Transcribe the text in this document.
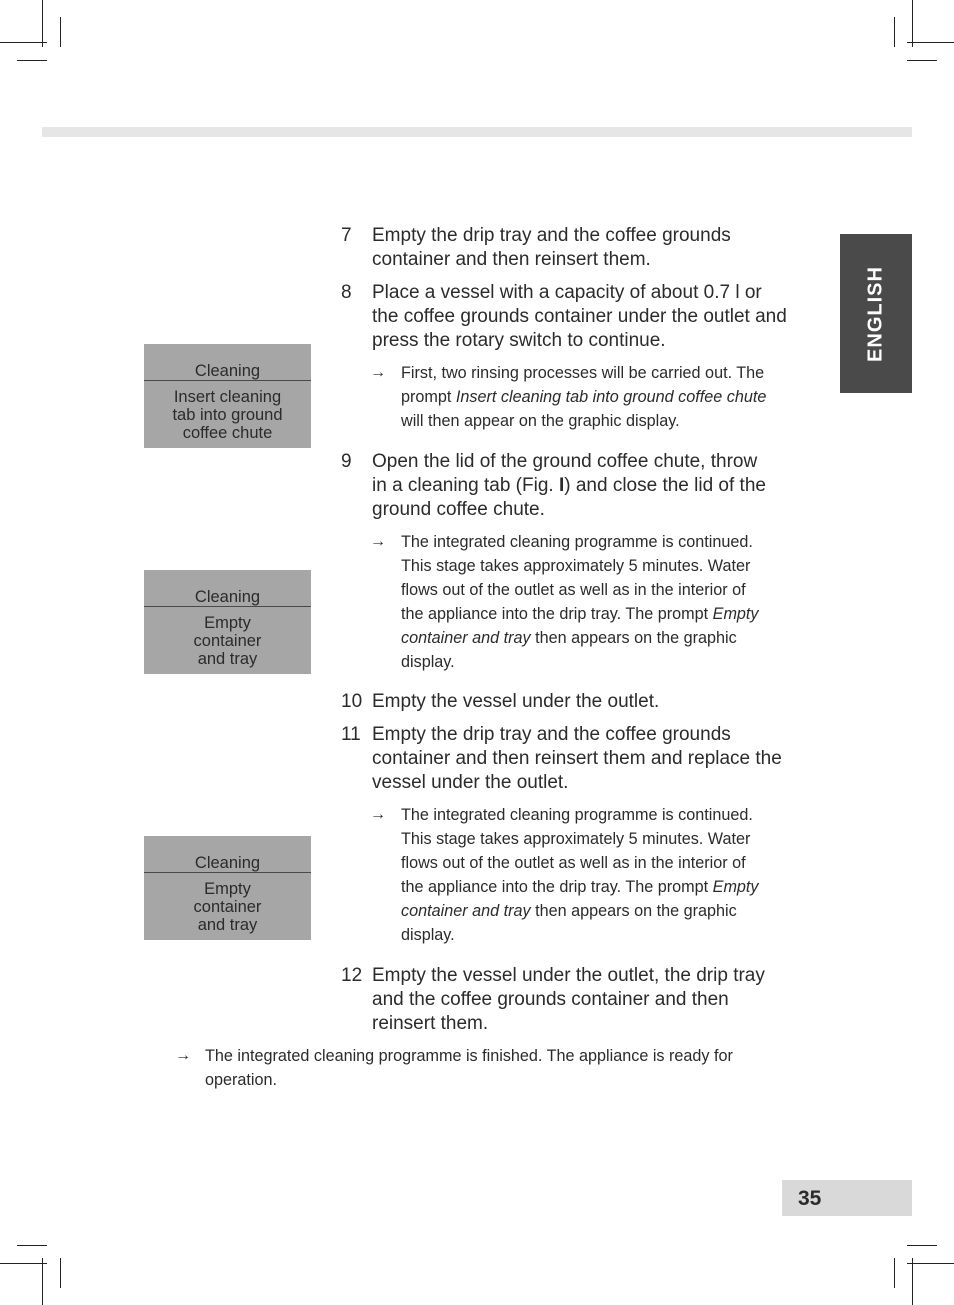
ENGLISH
Cleaning
Insert cleaning
tab into ground
coffee chute
Cleaning
Empty
container
and tray
Cleaning
Empty
container
and tray
7 Empty the drip tray and the coffee grounds
container and then reinsert them.
8 Place a vessel with a capacity of about 0.7 l or
the coffee grounds container under the outlet and
press the rotary switch to continue.
→ First, two rinsing processes will be carried out. The
prompt Insert cleaning tab into ground coffee chute
will then appear on the graphic display.
9 Open the lid of the ground coffee chute, throw
in a cleaning tab (Fig. I) and close the lid of the
ground coffee chute.
→ The integrated cleaning programme is continued.
This stage takes approximately 5 minutes. Water
flows out of the outlet as well as in the interior of
the appliance into the drip tray. The prompt Empty
container and tray then appears on the graphic
display.
10 Empty the vessel under the outlet.
11 Empty the drip tray and the coffee grounds
container and then reinsert them and replace the
vessel under the outlet.
→ The integrated cleaning programme is continued.
This stage takes approximately 5 minutes. Water
flows out of the outlet as well as in the interior of
the appliance into the drip tray. The prompt Empty
container and tray then appears on the graphic
display.
12 Empty the vessel under the outlet, the drip tray
and the coffee grounds container and then
reinsert them.
→ The integrated cleaning programme is finished. The appliance is ready for
operation.
35
